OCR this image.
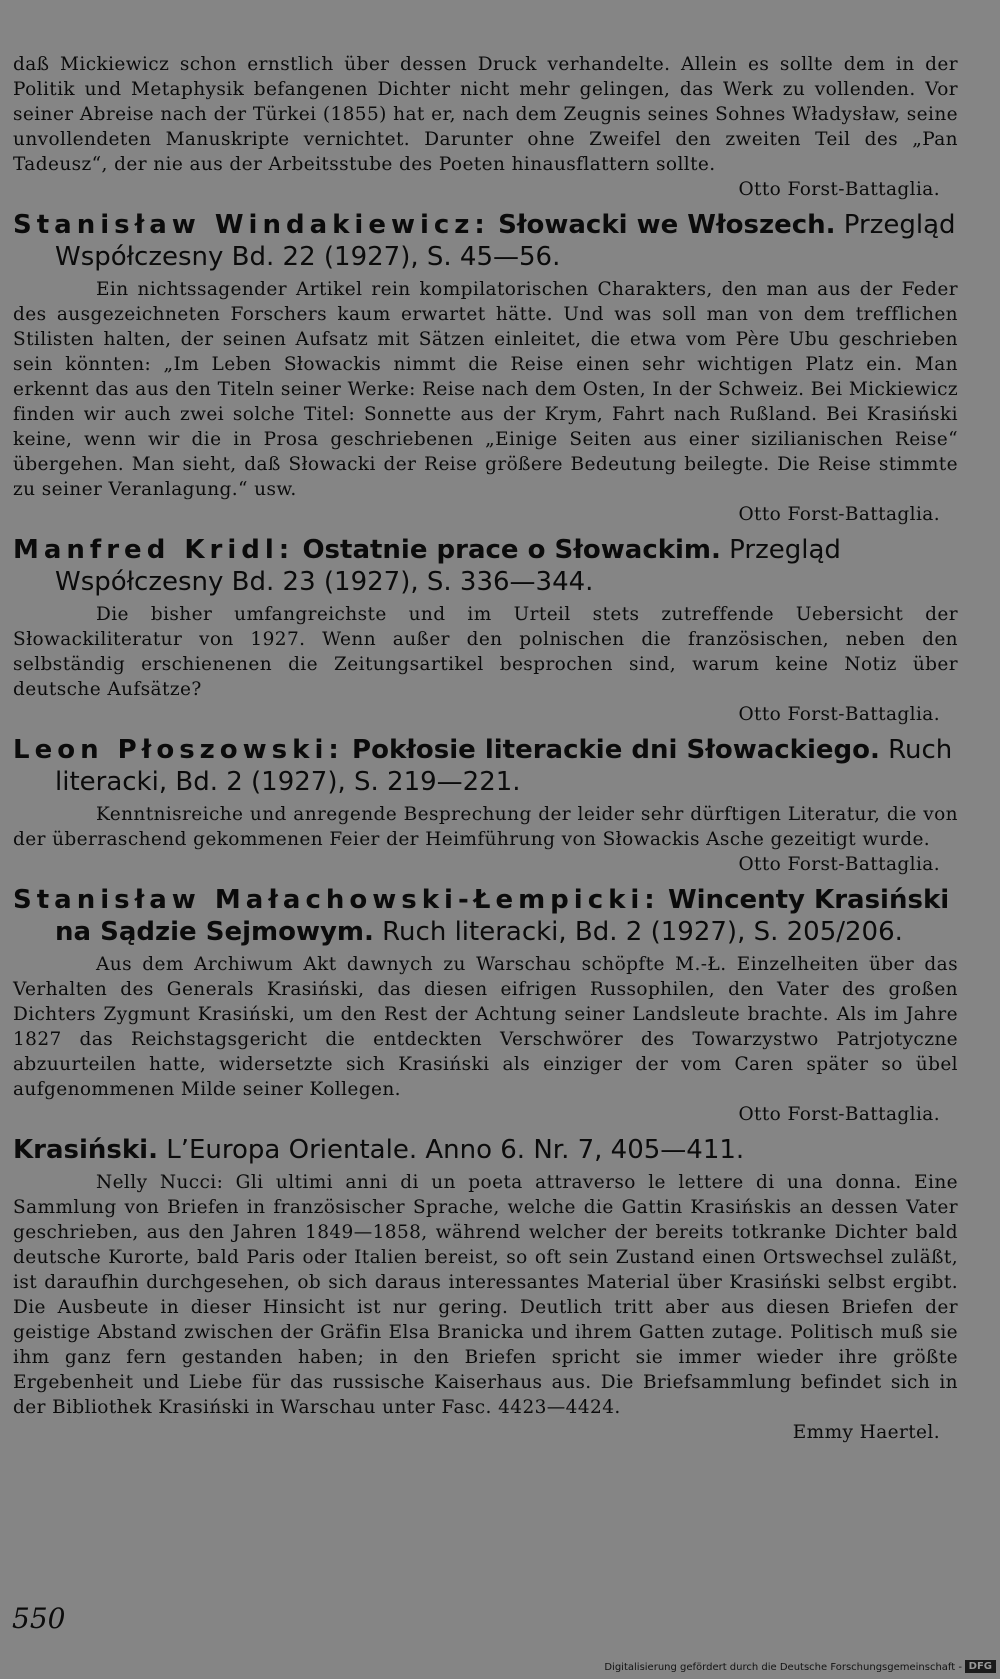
daß Mickiewicz schon ernstlich über dessen Druck verhandelte. Allein es sollte dem in der Politik und Metaphysik befangenen Dichter nicht mehr gelingen, das Werk zu vollenden. Vor seiner Abreise nach der Türkei (1855) hat er, nach dem Zeugnis seines Sohnes Władysław, seine unvollendeten Manuskripte vernichtet. Darunter ohne Zweifel den zweiten Teil des „Pan Tadeusz“, der nie aus der Arbeitsstube des Poeten hinausflattern sollte.
Otto Forst-Battaglia.
Stanisław Windakiewicz: Słowacki we Włoszech. Przegląd Współczesny Bd. 22 (1927), S. 45—56.
Ein nichtssagender Artikel rein kompilatorischen Charakters, den man aus der Feder des ausgezeichneten Forschers kaum erwartet hätte. Und was soll man von dem trefflichen Stilisten halten, der seinen Aufsatz mit Sätzen einleitet, die etwa vom Père Ubu geschrieben sein könnten: „Im Leben Słowackis nimmt die Reise einen sehr wichtigen Platz ein. Man erkennt das aus den Titeln seiner Werke: Reise nach dem Osten, In der Schweiz. Bei Mickiewicz finden wir auch zwei solche Titel: Sonnette aus der Krym, Fahrt nach Rußland. Bei Krasiński keine, wenn wir die in Prosa geschriebenen „Einige Seiten aus einer sizilianischen Reise“ übergehen. Man sieht, daß Słowacki der Reise größere Bedeutung beilegte. Die Reise stimmte zu seiner Veranlagung.“ usw.
Otto Forst-Battaglia.
Manfred Kridl: Ostatnie prace o Słowackim. Przegląd Współczesny Bd. 23 (1927), S. 336—344.
Die bisher umfangreichste und im Urteil stets zutreffende Uebersicht der Słowackiliteratur von 1927. Wenn außer den polnischen die französischen, neben den selbständig erschienenen die Zeitungsartikel besprochen sind, warum keine Notiz über deutsche Aufsätze?
Otto Forst-Battaglia.
Leon Płoszowski: Pokłosie literackie dni Słowackiego. Ruch literacki, Bd. 2 (1927), S. 219—221.
Kenntnisreiche und anregende Besprechung der leider sehr dürftigen Literatur, die von der überraschend gekommenen Feier der Heimführung von Słowackis Asche gezeitigt wurde.
Otto Forst-Battaglia.
Stanisław Małachowski-Łempicki: Wincenty Krasiński na Sądzie Sejmowym. Ruch literacki, Bd. 2 (1927), S. 205/206.
Aus dem Archiwum Akt dawnych zu Warschau schöpfte M.-Ł. Einzelheiten über das Verhalten des Generals Krasiński, das diesen eifrigen Russophilen, den Vater des großen Dichters Zygmunt Krasiński, um den Rest der Achtung seiner Landsleute brachte. Als im Jahre 1827 das Reichstagsgericht die entdeckten Verschwörer des Towarzystwo Patrjotyczne abzuurteilen hatte, widersetzte sich Krasiński als einziger der vom Caren später so übel aufgenommenen Milde seiner Kollegen.
Otto Forst-Battaglia.
Krasiński. L’Europa Orientale. Anno 6. Nr. 7, 405—411.
Nelly Nucci: Gli ultimi anni di un poeta attraverso le lettere di una donna. Eine Sammlung von Briefen in französischer Sprache, welche die Gattin Krasińskis an dessen Vater geschrieben, aus den Jahren 1849—1858, während welcher der bereits totkranke Dichter bald deutsche Kurorte, bald Paris oder Italien bereist, so oft sein Zustand einen Ortswechsel zuläßt, ist daraufhin durchgesehen, ob sich daraus interessantes Material über Krasiński selbst ergibt. Die Ausbeute in dieser Hinsicht ist nur gering. Deutlich tritt aber aus diesen Briefen der geistige Abstand zwischen der Gräfin Elsa Branicka und ihrem Gatten zutage. Politisch muß sie ihm ganz fern gestanden haben; in den Briefen spricht sie immer wieder ihre größte Ergebenheit und Liebe für das russische Kaiserhaus aus. Die Briefsammlung befindet sich in der Bibliothek Krasiński in Warschau unter Fasc. 4423—4424.
Emmy Haertel.
550
Digitalisierung gefördert durch die Deutsche Forschungsgemeinschaft - DFG
